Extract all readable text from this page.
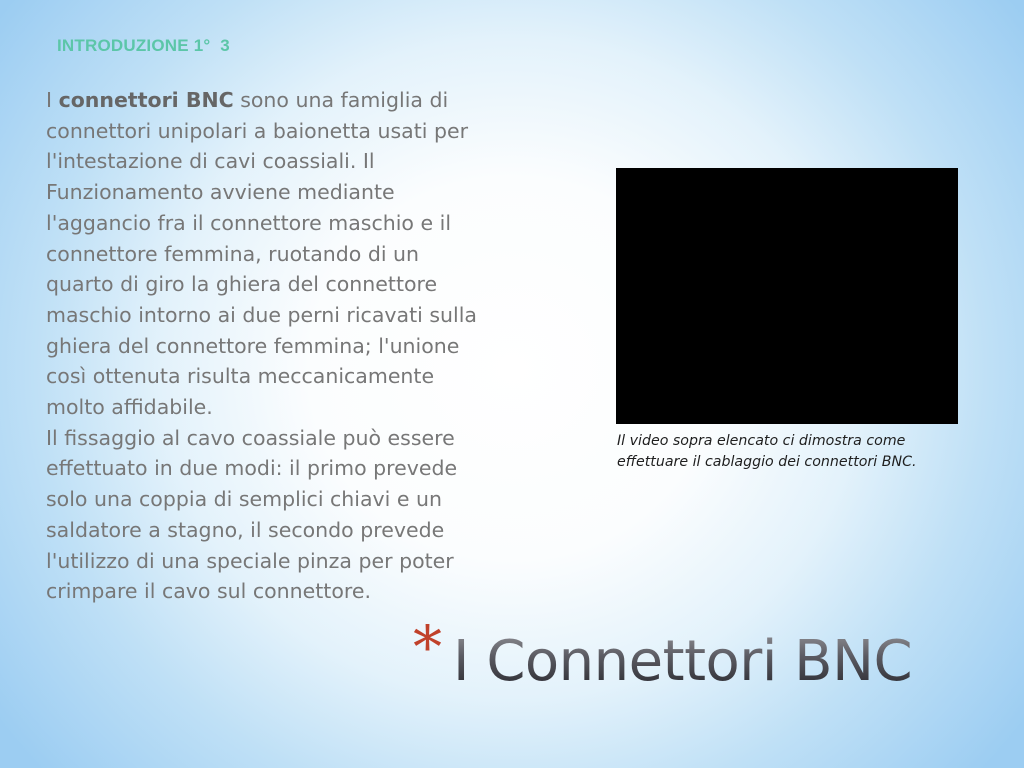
INTRODUZIONE 1° 3

I connettori BNC sono una famiglia di connettori unipolari a baionetta usati per l'intestazione di cavi coassiali. Il Funzionamento avviene mediante l'aggancio fra il connettore maschio e il connettore femmina, ruotando di un quarto di giro la ghiera del connettore maschio intorno ai due perni ricavati sulla ghiera del connettore femmina; l'unione così ottenuta risulta meccanicamente molto affidabile.

Il fissaggio al cavo coassiale può essere effettuato in due modi: il primo prevede solo una coppia di semplici chiavi e un saldatore a stagno, il secondo prevede l'utilizzo di una speciale pinza per poter crimpare il cavo sul connettore.

Il video sopra elencato ci dimostra come effettuare il cablaggio dei connettori BNC.
* I Connettori BNC
